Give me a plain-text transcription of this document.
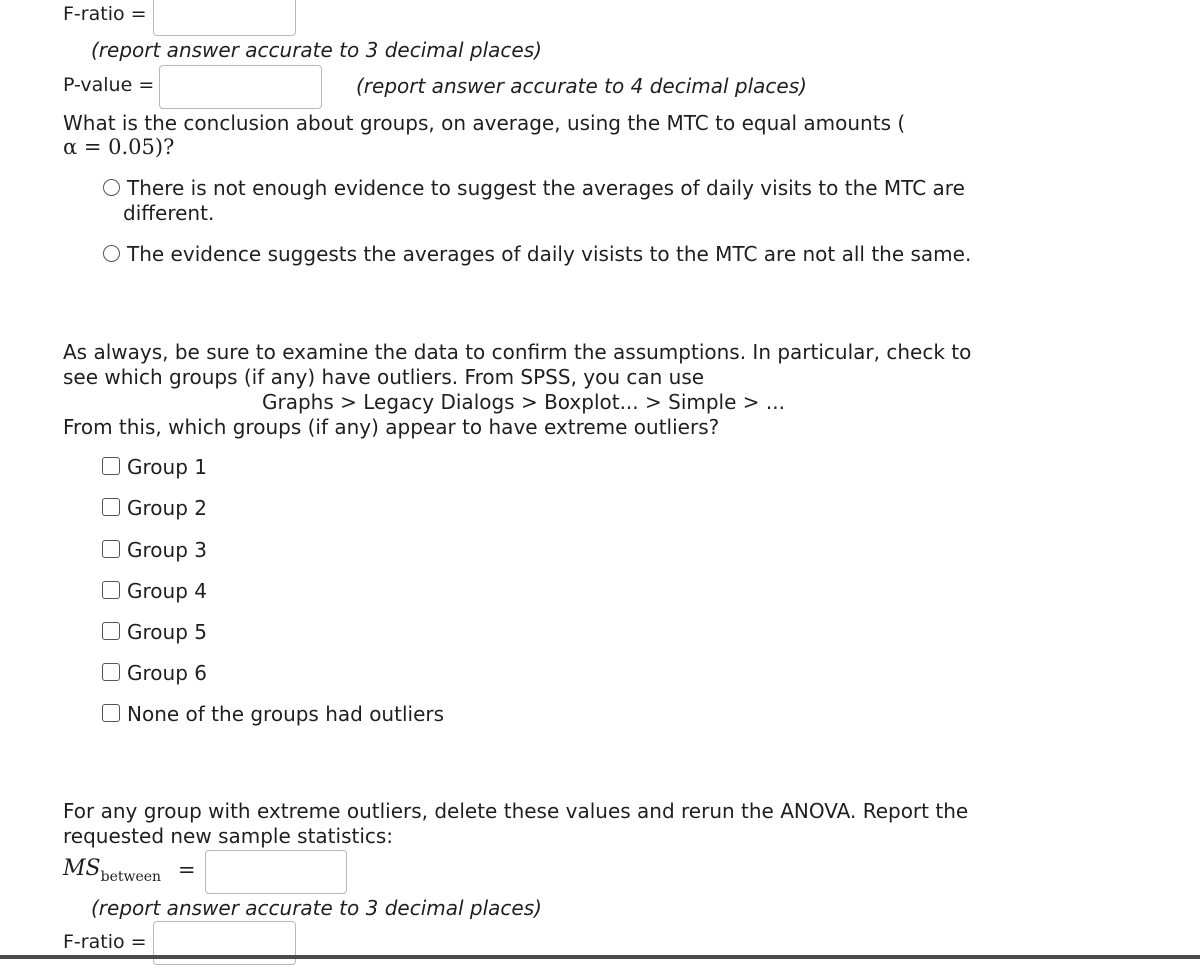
F-ratio =
(report answer accurate to 3 decimal places)
P-value =	(report answer accurate to 4 decimal places)
What is the conclusion about groups, on average, using the MTC to equal amounts (
α = 0.05)?
There is not enough evidence to suggest the averages of daily visits to the MTC are
different.
The evidence suggests the averages of daily visists to the MTC are not all the same.
As always, be sure to examine the data to confirm the assumptions. In particular, check to
see which groups (if any) have outliers. From SPSS, you can use
Graphs > Legacy Dialogs > Boxplot... > Simple > ...
From this, which groups (if any) appear to have extreme outliers?
Group 1
Group 2
Group 3
Group 4
Group 5
Group 6
None of the groups had outliers
For any group with extreme outliers, delete these values and rerun the ANOVA. Report the
requested new sample statistics:
$MS_{between}$ =
(report answer accurate to 3 decimal places)
F-ratio =
